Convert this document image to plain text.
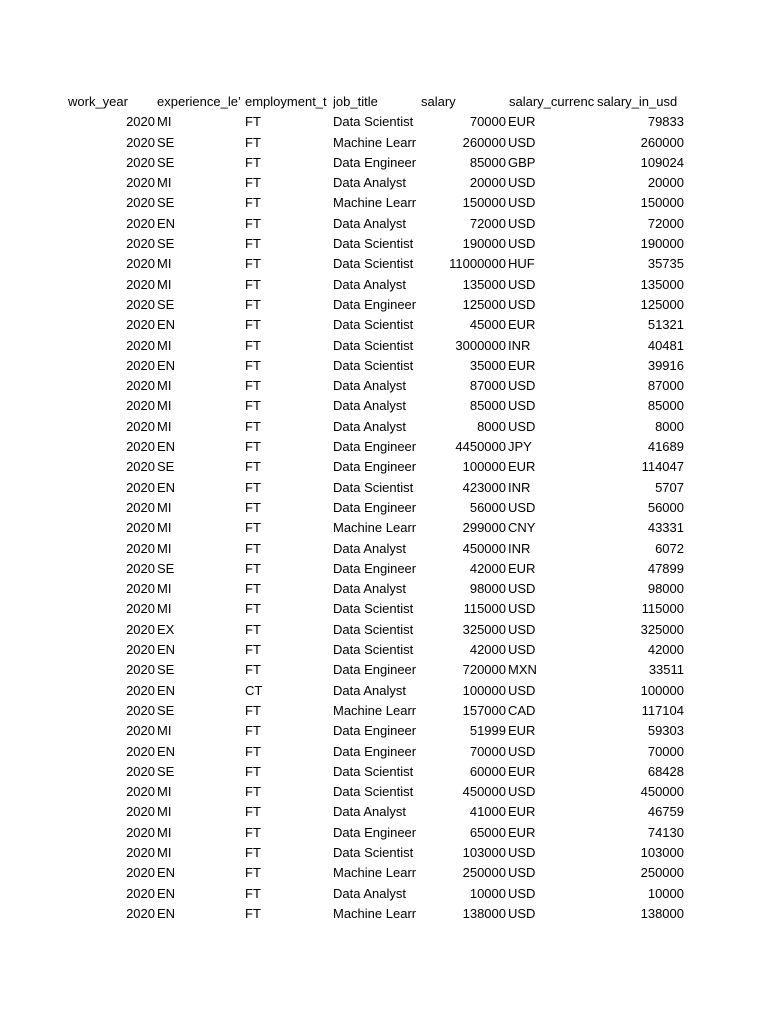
work_year	experience_le’ employment_t job_title	salary	salary_currenc salary_in_usd
2020 MI	FT	Data Scientist	70000 EUR	79833
2020 SE	FT	Machine Learr	260000 USD	260000
2020 SE	FT	Data Engineer	85000 GBP	109024
2020 MI	FT	Data Analyst	20000 USD	20000
2020 SE	FT	Machine Learr	150000 USD	150000
2020 EN	FT	Data Analyst	72000 USD	72000
2020 SE	FT	Data Scientist	190000 USD	190000
2020 MI	FT	Data Scientist	11000000 HUF	35735
2020 MI	FT	Data Analyst	135000 USD	135000
2020 SE	FT	Data Engineer	125000 USD	125000
2020 EN	FT	Data Scientist	45000 EUR	51321
2020 MI	FT	Data Scientist	3000000 INR	40481
2020 EN	FT	Data Scientist	35000 EUR	39916
2020 MI	FT	Data Analyst	87000 USD	87000
2020 MI	FT	Data Analyst	85000 USD	85000
2020 MI	FT	Data Analyst	8000 USD	8000
2020 EN	FT	Data Engineer	4450000 JPY	41689
2020 SE	FT	Data Engineer	100000 EUR	114047
2020 EN	FT	Data Scientist	423000 INR	5707
2020 MI	FT	Data Engineer	56000 USD	56000
2020 MI	FT	Machine Learr	299000 CNY	43331
2020 MI	FT	Data Analyst	450000 INR	6072
2020 SE	FT	Data Engineer	42000 EUR	47899
2020 MI	FT	Data Analyst	98000 USD	98000
2020 MI	FT	Data Scientist	115000 USD	115000
2020 EX	FT	Data Scientist	325000 USD	325000
2020 EN	FT	Data Scientist	42000 USD	42000
2020 SE	FT	Data Engineer	720000 MXN	33511
2020 EN	CT	Data Analyst	100000 USD	100000
2020 SE	FT	Machine Learr	157000 CAD	117104
2020 MI	FT	Data Engineer	51999 EUR	59303
2020 EN	FT	Data Engineer	70000 USD	70000
2020 SE	FT	Data Scientist	60000 EUR	68428
2020 MI	FT	Data Scientist	450000 USD	450000
2020 MI	FT	Data Analyst	41000 EUR	46759
2020 MI	FT	Data Engineer	65000 EUR	74130
2020 MI	FT	Data Scientist	103000 USD	103000
2020 EN	FT	Machine Learr	250000 USD	250000
2020 EN	FT	Data Analyst	10000 USD	10000
2020 EN	FT	Machine Learr	138000 USD	138000
